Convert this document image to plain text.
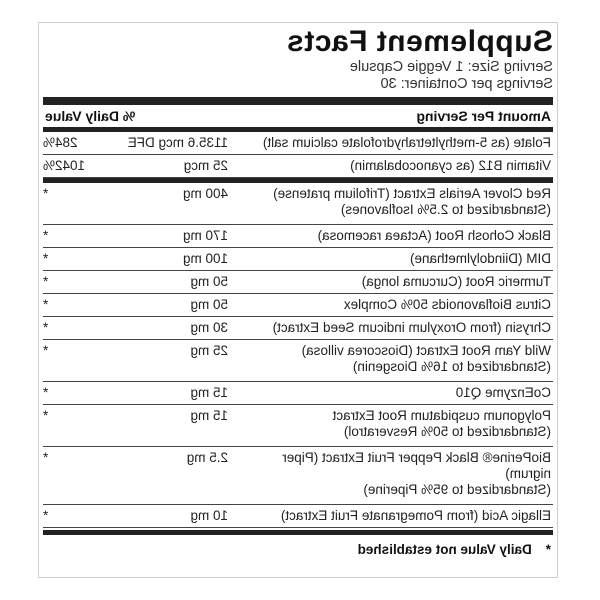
Supplement Facts
Serving Size: 1 Veggie Capsule
Servings per Container: 30
Amount Per Serving
% Daily Value
Folate (as 5-methyltetrahydrofolate calcium salt)
1135.6 mcg DFE
284%
Vitamin B12 (as cyanocobalamin)
25 mcg
1042%
Red Clover Aerials Extract (Trifolium pratense)
(Standardized to 2.5% Isoflavones)
400 mg
*
Black Cohosh Root (Actaea racemosa)
170 mg
*
DIM (Diindolylmethane)
100 mg
*
Turmeric Root (Curcuma longa)
50 mg
*
Citrus Bioflavonoids 50% Complex
50 mg
*
Chrysin (from Oroxylum indicum Seed Extract)
30 mg
*
Wild Yam Root Extract (Dioscorea villosa)
(Standardized to 16% Diosgenin)
25 mg
*
CoEnzyme Q10
15 mg
*
Polygonum cuspidatum Root Extract
(Standardized to 50% Resveratrol)
15 mg
*
BioPerine® Black Pepper Fruit Extract (Piper nigrum)
(Standardized to 95% Piperine)
2.5 mg
*
Ellagic Acid (from Pomegranate Fruit Extract)
10 mg
*
*Daily Value not established
